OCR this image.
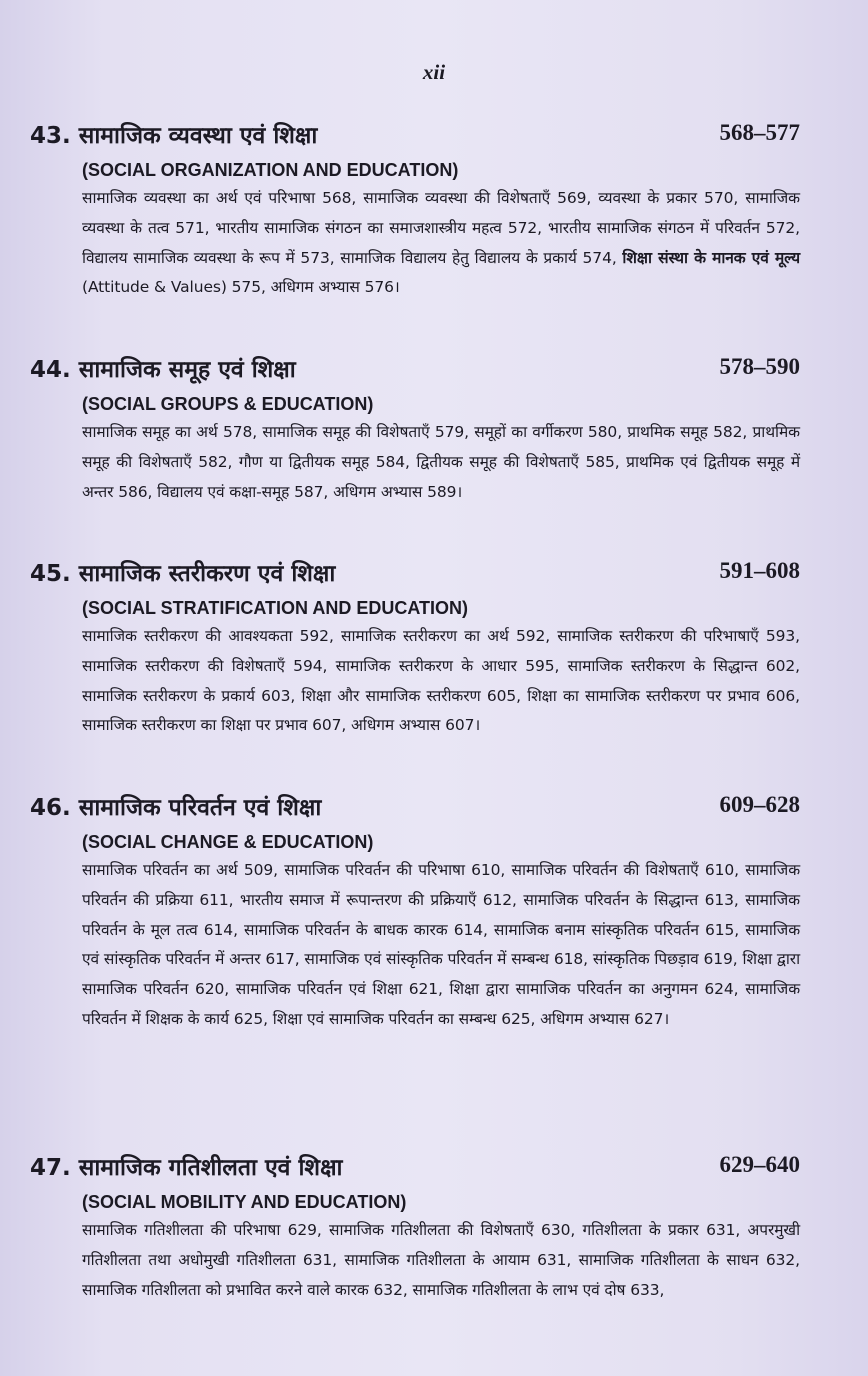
xii
43. सामाजिक व्यवस्था एवं शिक्षा	568–577
(SOCIAL ORGANIZATION AND EDUCATION)
सामाजिक व्यवस्था का अर्थ एवं परिभाषा 568, सामाजिक व्यवस्था की विशेषताएँ 569, व्यवस्था के प्रकार 570, सामाजिक व्यवस्था के तत्व 571, भारतीय सामाजिक संगठन का समाजशास्त्रीय महत्व 572, भारतीय सामाजिक संगठन में परिवर्तन 572, विद्यालय सामाजिक व्यवस्था के रूप में 573, सामाजिक विद्यालय हेतु विद्यालय के प्रकार्य 574, शिक्षा संस्था के मानक एवं मूल्य (Attitude & Values) 575, अधिगम अभ्यास 576।
44. सामाजिक समूह एवं शिक्षा	578–590
(SOCIAL GROUPS & EDUCATION)
सामाजिक समूह का अर्थ 578, सामाजिक समूह की विशेषताएँ 579, समूहों का वर्गीकरण 580, प्राथमिक समूह 582, प्राथमिक समूह की विशेषताएँ 582, गौण या द्वितीयक समूह 584, द्वितीयक समूह की विशेषताएँ 585, प्राथमिक एवं द्वितीयक समूह में अन्तर 586, विद्यालय एवं कक्षा-समूह 587, अधिगम अभ्यास 589।
45. सामाजिक स्तरीकरण एवं शिक्षा	591–608
(SOCIAL STRATIFICATION AND EDUCATION)
सामाजिक स्तरीकरण की आवश्यकता 592, सामाजिक स्तरीकरण का अर्थ 592, सामाजिक स्तरीकरण की परिभाषाएँ 593, सामाजिक स्तरीकरण की विशेषताएँ 594, सामाजिक स्तरीकरण के आधार 595, सामाजिक स्तरीकरण के सिद्धान्त 602, सामाजिक स्तरीकरण के प्रकार्य 603, शिक्षा और सामाजिक स्तरीकरण 605, शिक्षा का सामाजिक स्तरीकरण पर प्रभाव 606, सामाजिक स्तरीकरण का शिक्षा पर प्रभाव 607, अधिगम अभ्यास 607।
46. सामाजिक परिवर्तन एवं शिक्षा	609–628
(SOCIAL CHANGE & EDUCATION)
सामाजिक परिवर्तन का अर्थ 509, सामाजिक परिवर्तन की परिभाषा 610, सामाजिक परिवर्तन की विशेषताएँ 610, सामाजिक परिवर्तन की प्रक्रिया 611, भारतीय समाज में रूपान्तरण की प्रक्रियाएँ 612, सामाजिक परिवर्तन के सिद्धान्त 613, सामाजिक परिवर्तन के मूल तत्व 614, सामाजिक परिवर्तन के बाधक कारक 614, सामाजिक बनाम सांस्कृतिक परिवर्तन 615, सामाजिक एवं सांस्कृतिक परिवर्तन में अन्तर 617, सामाजिक एवं सांस्कृतिक परिवर्तन में सम्बन्ध 618, सांस्कृतिक पिछड़ाव 619, शिक्षा द्वारा सामाजिक परिवर्तन 620, सामाजिक परिवर्तन एवं शिक्षा 621, शिक्षा द्वारा सामाजिक परिवर्तन का अनुगमन 624, सामाजिक परिवर्तन में शिक्षक के कार्य 625, शिक्षा एवं सामाजिक परिवर्तन का सम्बन्ध 625, अधिगम अभ्यास 627।
47. सामाजिक गतिशीलता एवं शिक्षा	629–640
(SOCIAL MOBILITY AND EDUCATION)
सामाजिक गतिशीलता की परिभाषा 629, सामाजिक गतिशीलता की विशेषताएँ 630, गतिशीलता के प्रकार 631, अपरमुखी गतिशीलता तथा अधोमुखी गतिशीलता 631, सामाजिक गतिशीलता के आयाम 631, सामाजिक गतिशीलता के साधन 632, सामाजिक गतिशीलता को प्रभावित करने वाले कारक 632, सामाजिक गतिशीलता के लाभ एवं दोष 633,
